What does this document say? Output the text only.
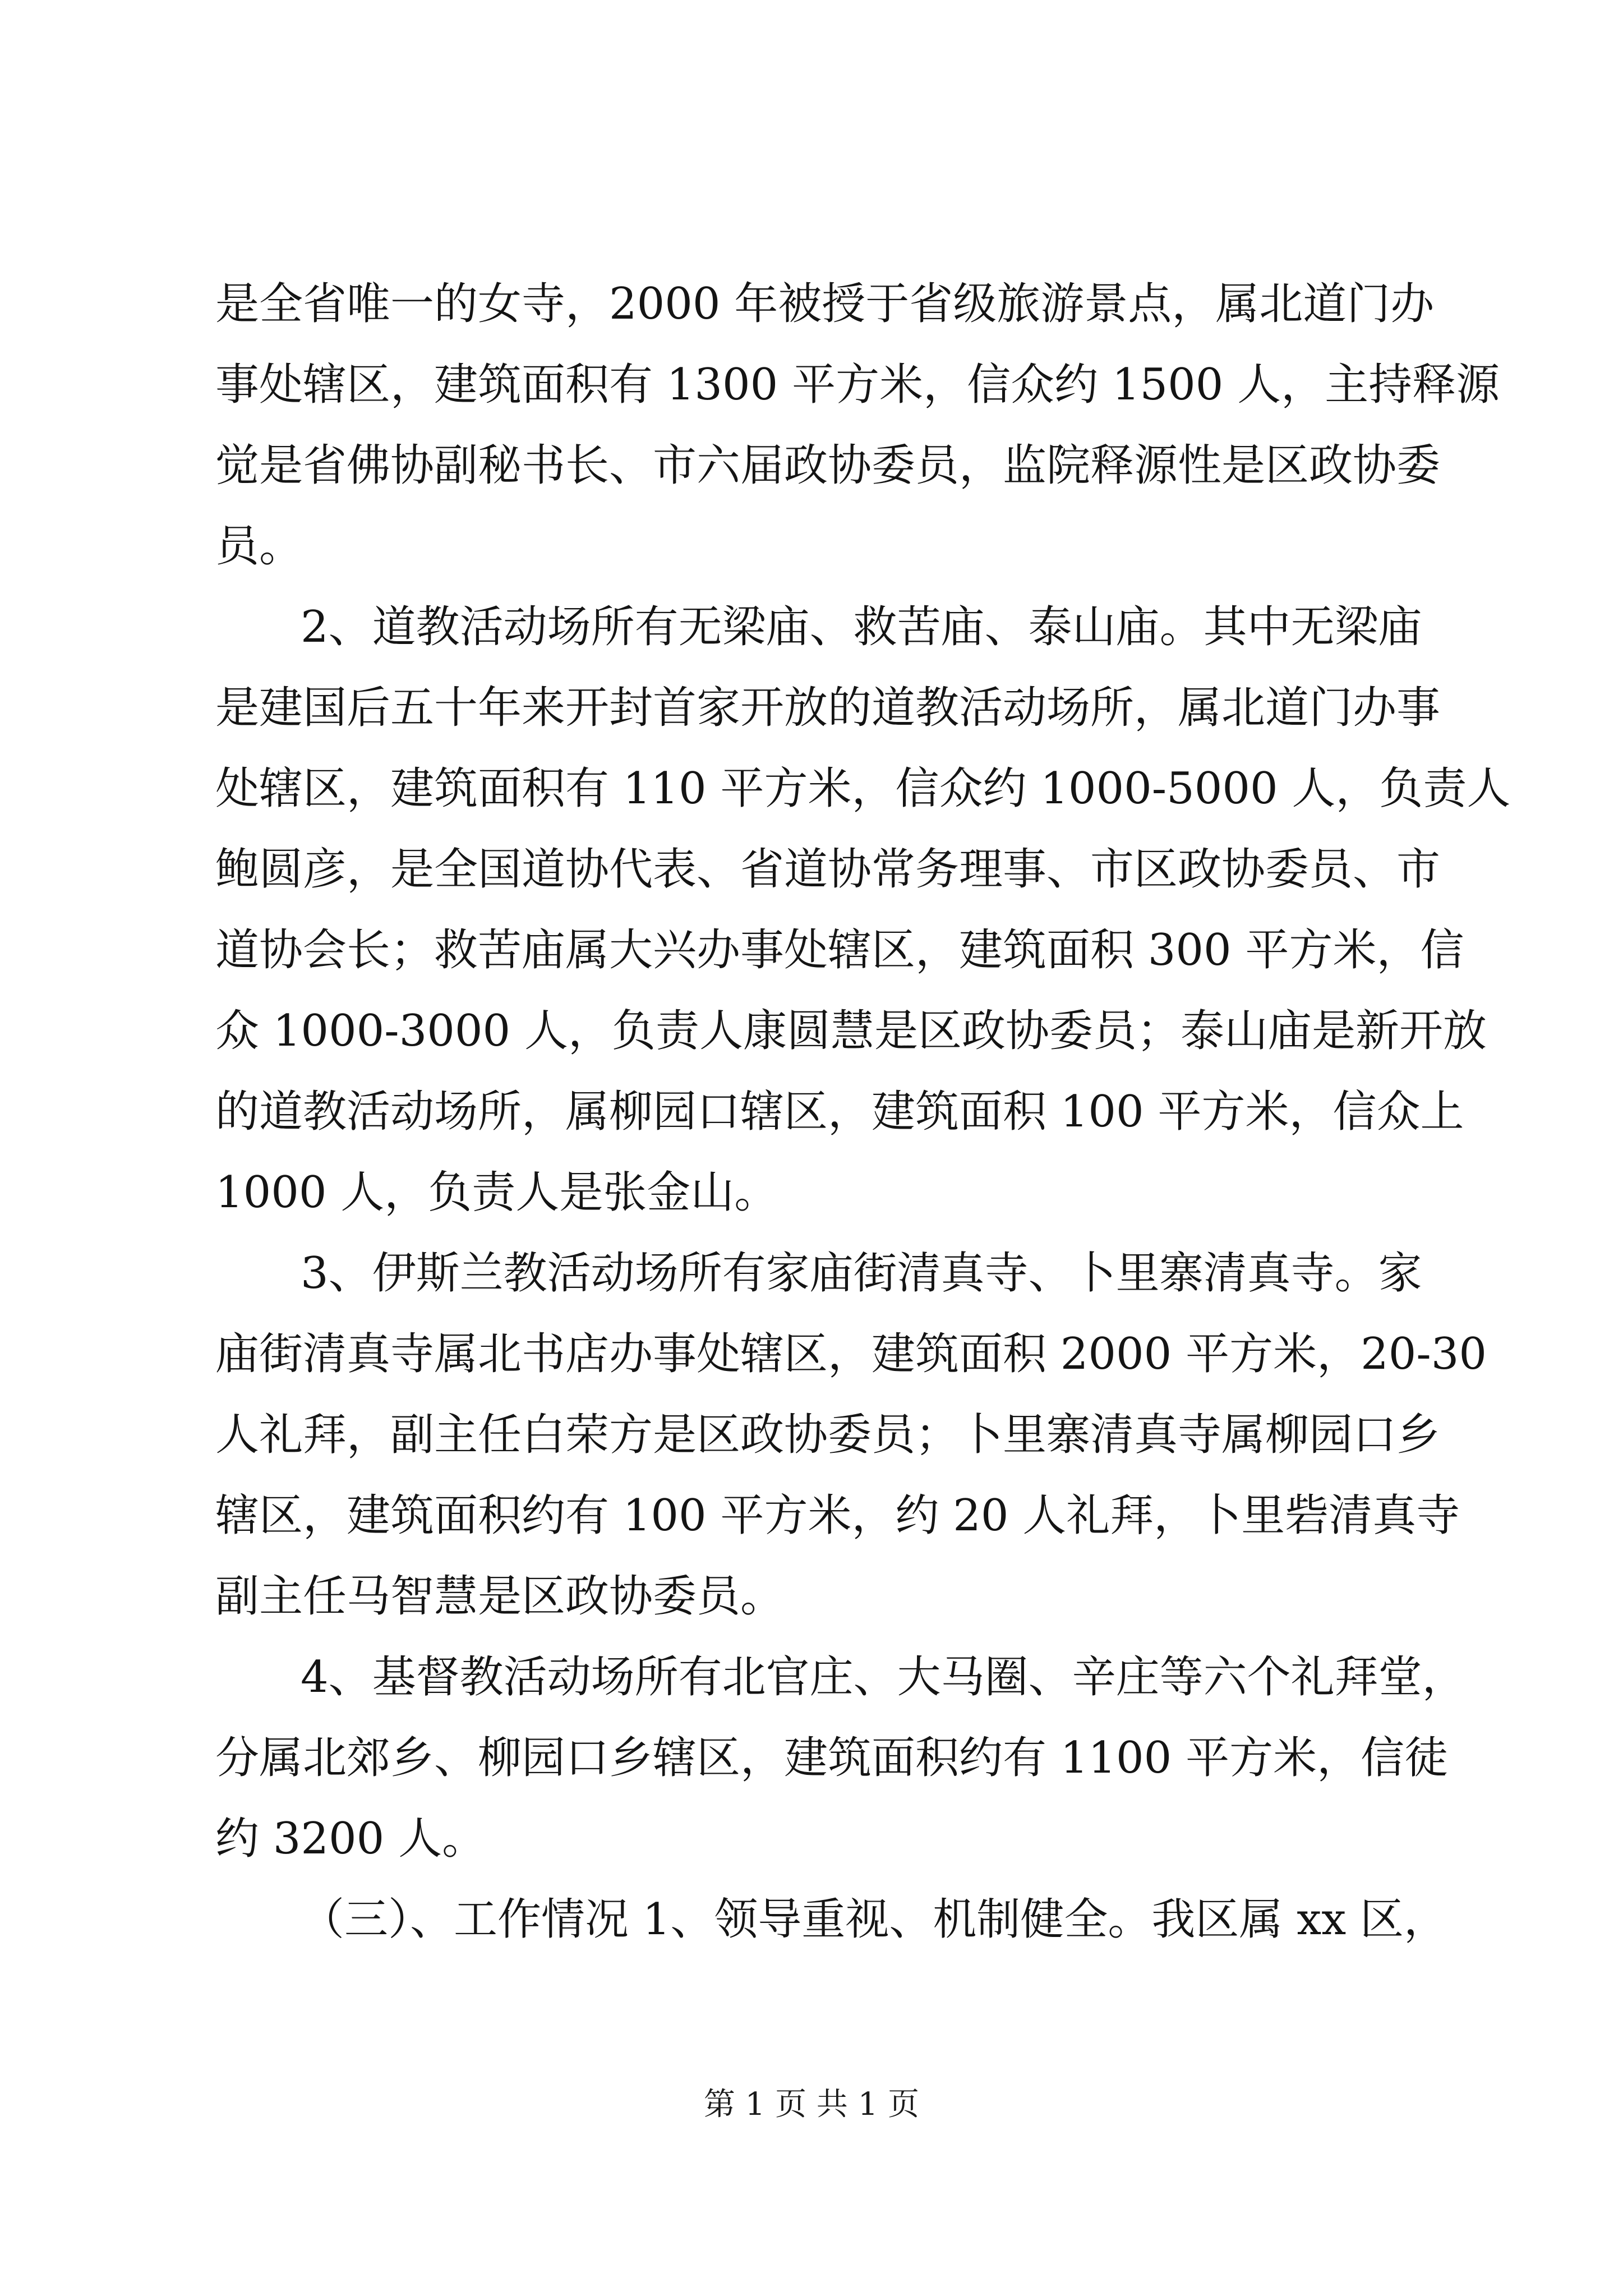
是全省唯一的女寺，2000 年被授于省级旅游景点，属北道门办
事处辖区，建筑面积有 1300 平方米，信众约 1500 人，主持释源
觉是省佛协副秘书长、市六届政协委员，监院释源性是区政协委
员。
2、道教活动场所有无梁庙、救苦庙、泰山庙。其中无梁庙
是建国后五十年来开封首家开放的道教活动场所，属北道门办事
处辖区，建筑面积有 110 平方米，信众约 1000-5000 人，负责人
鲍圆彦，是全国道协代表、省道协常务理事、市区政协委员、市
道协会长；救苦庙属大兴办事处辖区，建筑面积 300 平方米，信
众 1000-3000 人，负责人康圆慧是区政协委员；泰山庙是新开放
的道教活动场所，属柳园口辖区，建筑面积 100 平方米，信众上
1000 人，负责人是张金山。
3、伊斯兰教活动场所有家庙街清真寺、卜里寨清真寺。家
庙街清真寺属北书店办事处辖区，建筑面积 2000 平方米，20-30
人礼拜，副主任白荣方是区政协委员；卜里寨清真寺属柳园口乡
辖区，建筑面积约有 100 平方米，约 20 人礼拜，卜里砦清真寺
副主任马智慧是区政协委员。
4、基督教活动场所有北官庄、大马圈、辛庄等六个礼拜堂，
分属北郊乡、柳园口乡辖区，建筑面积约有 1100 平方米，信徒
约 3200 人。
（三）、工作情况 1、领导重视、机制健全。我区属 xx 区，
第 1 页 共 1 页
